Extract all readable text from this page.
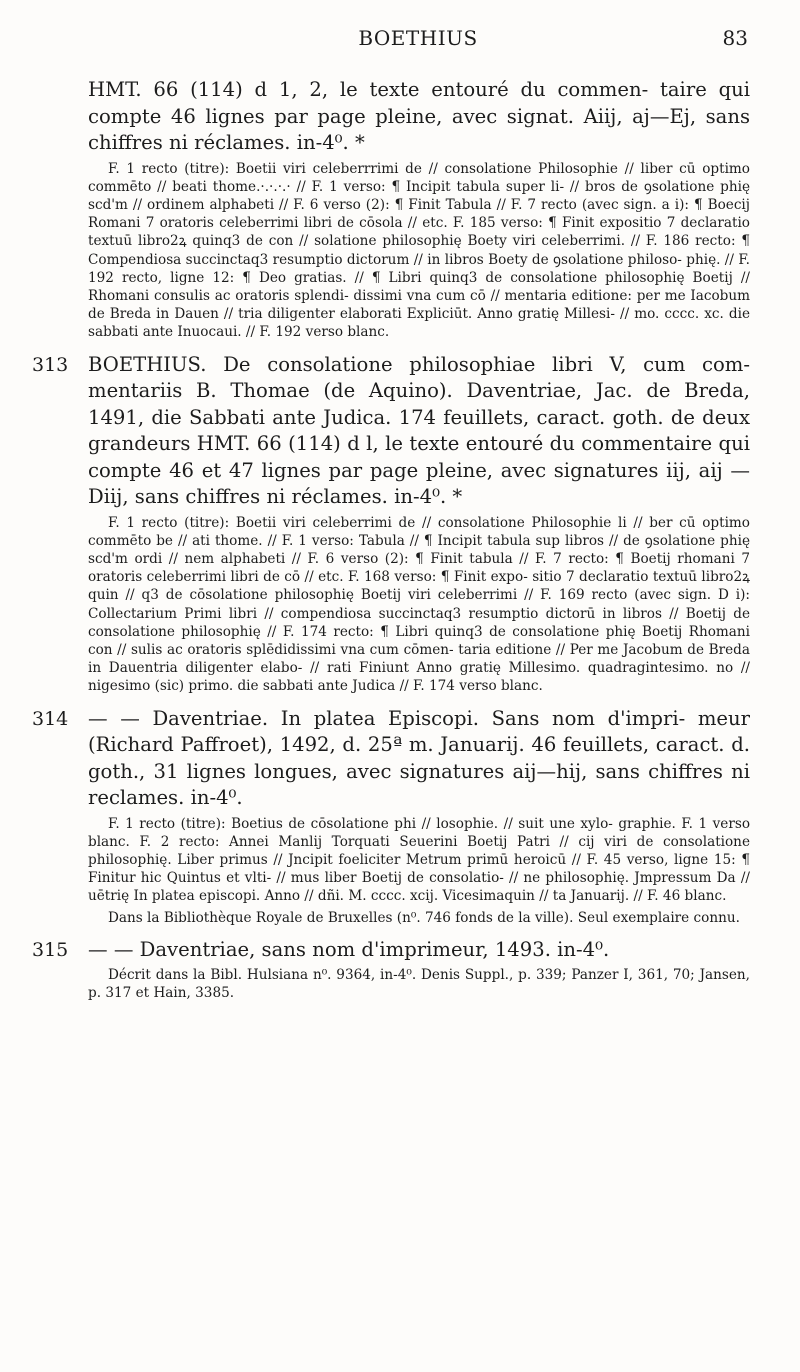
BOETHIUS	83

HMT. 66 (114) d 1, 2, le texte entouré du commen- taire qui compte 46 lignes par page pleine, avec signat. Aiij, aj—Ej, sans chiffres ni réclames. in-4⁰. *

F. 1 recto (titre): Boetii viri celeberrrimi de // consolatione Philosophie // liber cū optimo commēto // beati thome.·.·.·.· // F. 1 verso: ¶ Incipit tabula super li- // bros de ꝯsolatione phię scd'm // ordinem alphabeti // F. 6 verso (2): ¶ Finit Tabula // F. 7 recto (avec sign. a i): ¶ Boecij Romani 7 oratoris celeberrimi libri de cōsola // etc. F. 185 verso: ¶ Finit expositio 7 declaratio textuū libro2ꝝ quinq3 de con // solatione philosophię Boety viri celeberrimi. // F. 186 recto: ¶ Compendiosa succinctaq3 resumptio dictorum // in libros Boety de ꝯsolatione philoso- phię. // F. 192 recto, ligne 12: ¶ Deo gratias. // ¶ Libri quinq3 de consolatione philosophię Boetij // Rhomani consulis ac oratoris splendi- dissimi vna cum cō // mentaria editione: per me Iacobum de Breda in Dauen // tria diligenter elaborati Expliciūt. Anno gratię Millesi- // mo. cccc. xc. die sabbati ante Inuocaui. // F. 192 verso blanc.

313 BOETHIUS. De consolatione philosophiae libri V, cum com- mentariis B. Thomae (de Aquino). Daventriae, Jac. de Breda, 1491, die Sabbati ante Judica. 174 feuillets, caract. goth. de deux grandeurs HMT. 66 (114) d l, le texte entouré du commentaire qui compte 46 et 47 lignes par page pleine, avec signatures iij, aij —Diij, sans chiffres ni réclames. in-4⁰. *

F. 1 recto (titre): Boetii viri celeberrimi de // consolatione Philosophie li // ber cū optimo commēto be // ati thome. // F. 1 verso: Tabula // ¶ Incipit tabula sup libros // de ꝯsolatione phię scd'm ordi // nem alphabeti // F. 6 verso (2): ¶ Finit tabula // F. 7 recto: ¶ Boetij rhomani 7 oratoris celeberrimi libri de cō // etc. F. 168 verso: ¶ Finit expo- sitio 7 declaratio textuū libro2ꝝ quin // q3 de cōsolatione philosophię Boetij viri celeberrimi // F. 169 recto (avec sign. D i): Collectarium Primi libri // compendiosa succinctaq3 resumptio dictorū in libros // Boetij de consolatione philosophię // F. 174 recto: ¶ Libri quinq3 de consolatione phię Boetij Rhomani con // sulis ac oratoris splēdidissimi vna cum cōmen- taria editione // Per me Jacobum de Breda in Dauentria diligenter elabo- // rati Finiunt Anno gratię Millesimo. quadragintesimo. no // nigesimo (sic) primo. die sabbati ante Judica // F. 174 verso blanc.

314 — — Daventriae. In platea Episcopi. Sans nom d'impri- meur (Richard Paffroet), 1492, d. 25ª m. Januarij. 46 feuillets, caract. d. goth., 31 lignes longues, avec signatures aij—hij, sans chiffres ni reclames. in-4⁰.

F. 1 recto (titre): Boetius de cōsolatione phi // losophie. // suit une xylo- graphie. F. 1 verso blanc. F. 2 recto: Annei Manlij Torquati Seuerini Boetij Patri // cij viri de consolatione philosophię. Liber primus // Jncipit foeliciter Metrum primū heroicū // F. 45 verso, ligne 15: ¶ Finitur hic Quintus et vlti- // mus liber Boetij de consolatio- // ne philosophię. Jmpressum Da // uētrię In platea episcopi. Anno // dñi. M. cccc. xcij. Vicesimaquin // ta Januarij. // F. 46 blanc.

Dans la Bibliothèque Royale de Bruxelles (n⁰. 746 fonds de la ville). Seul exemplaire connu.

315 — — Daventriae, sans nom d'imprimeur, 1493. in-4⁰.

Décrit dans la Bibl. Hulsiana n⁰. 9364, in-4⁰. Denis Suppl., p. 339; Panzer I, 361, 70; Jansen, p. 317 et Hain, 3385.
